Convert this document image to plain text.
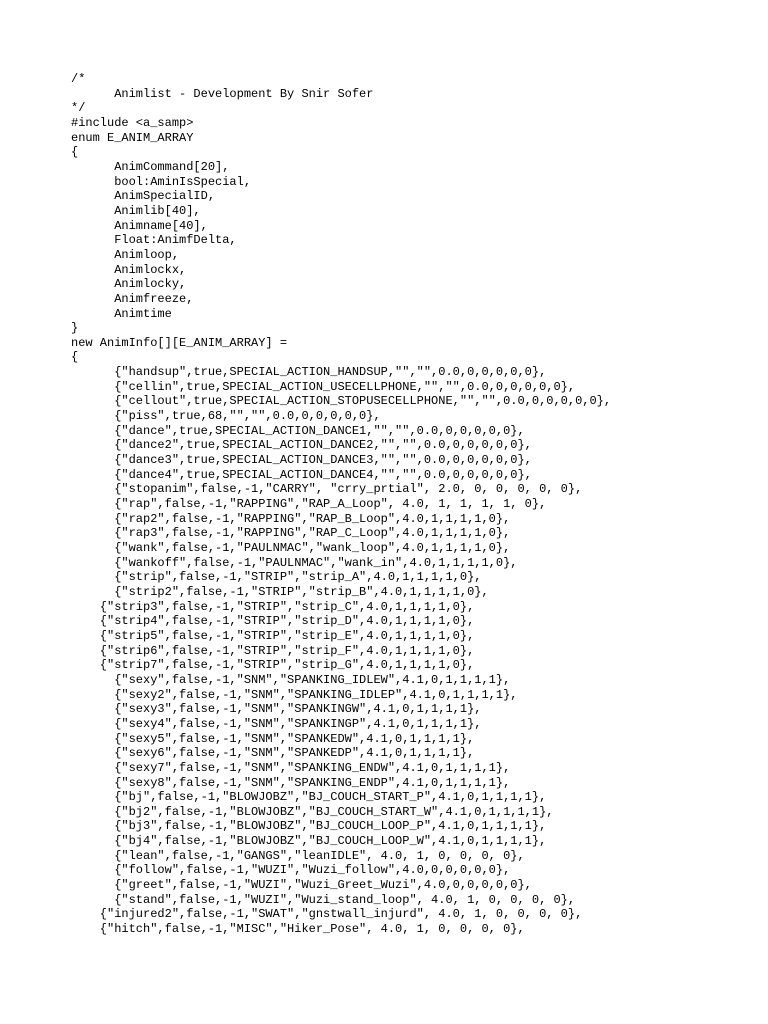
/*
Animlist - Development By Snir Sofer
*/
#include <a_samp>
enum E_ANIM_ARRAY
{
AnimCommand[20],
bool:AminIsSpecial,
AnimSpecialID,
Animlib[40],
Animname[40],
Float:AnimfDelta,
Animloop,
Animlockx,
Animlocky,
Animfreeze,
Animtime
}
new AnimInfo[][E_ANIM_ARRAY] =
{
{"handsup",true,SPECIAL_ACTION_HANDSUP,"","",0.0,0,0,0,0,0},
{"cellin",true,SPECIAL_ACTION_USECELLPHONE,"","",0.0,0,0,0,0,0},
{"cellout",true,SPECIAL_ACTION_STOPUSECELLPHONE,"","",0.0,0,0,0,0,0},
{"piss",true,68,"","",0.0,0,0,0,0,0},
{"dance",true,SPECIAL_ACTION_DANCE1,"","",0.0,0,0,0,0,0},
{"dance2",true,SPECIAL_ACTION_DANCE2,"","",0.0,0,0,0,0,0},
{"dance3",true,SPECIAL_ACTION_DANCE3,"","",0.0,0,0,0,0,0},
{"dance4",true,SPECIAL_ACTION_DANCE4,"","",0.0,0,0,0,0,0},
{"stopanim",false,-1,"CARRY", "crry_prtial", 2.0, 0, 0, 0, 0, 0},
{"rap",false,-1,"RAPPING","RAP_A_Loop", 4.0, 1, 1, 1, 1, 0},
{"rap2",false,-1,"RAPPING","RAP_B_Loop",4.0,1,1,1,1,0},
{"rap3",false,-1,"RAPPING","RAP_C_Loop",4.0,1,1,1,1,0},
{"wank",false,-1,"PAULNMAC","wank_loop",4.0,1,1,1,1,0},
{"wankoff",false,-1,"PAULNMAC","wank_in",4.0,1,1,1,1,0},
{"strip",false,-1,"STRIP","strip_A",4.0,1,1,1,1,0},
{"strip2",false,-1,"STRIP","strip_B",4.0,1,1,1,1,0},
{"strip3",false,-1,"STRIP","strip_C",4.0,1,1,1,1,0},
{"strip4",false,-1,"STRIP","strip_D",4.0,1,1,1,1,0},
{"strip5",false,-1,"STRIP","strip_E",4.0,1,1,1,1,0},
{"strip6",false,-1,"STRIP","strip_F",4.0,1,1,1,1,0},
{"strip7",false,-1,"STRIP","strip_G",4.0,1,1,1,1,0},
{"sexy",false,-1,"SNM","SPANKING_IDLEW",4.1,0,1,1,1,1},
{"sexy2",false,-1,"SNM","SPANKING_IDLEP",4.1,0,1,1,1,1},
{"sexy3",false,-1,"SNM","SPANKINGW",4.1,0,1,1,1,1},
{"sexy4",false,-1,"SNM","SPANKINGP",4.1,0,1,1,1,1},
{"sexy5",false,-1,"SNM","SPANKEDW",4.1,0,1,1,1,1},
{"sexy6",false,-1,"SNM","SPANKEDP",4.1,0,1,1,1,1},
{"sexy7",false,-1,"SNM","SPANKING_ENDW",4.1,0,1,1,1,1},
{"sexy8",false,-1,"SNM","SPANKING_ENDP",4.1,0,1,1,1,1},
{"bj",false,-1,"BLOWJOBZ","BJ_COUCH_START_P",4.1,0,1,1,1,1},
{"bj2",false,-1,"BLOWJOBZ","BJ_COUCH_START_W",4.1,0,1,1,1,1},
{"bj3",false,-1,"BLOWJOBZ","BJ_COUCH_LOOP_P",4.1,0,1,1,1,1},
{"bj4",false,-1,"BLOWJOBZ","BJ_COUCH_LOOP_W",4.1,0,1,1,1,1},
{"lean",false,-1,"GANGS","leanIDLE", 4.0, 1, 0, 0, 0, 0},
{"follow",false,-1,"WUZI","Wuzi_follow",4.0,0,0,0,0,0},
{"greet",false,-1,"WUZI","Wuzi_Greet_Wuzi",4.0,0,0,0,0,0},
{"stand",false,-1,"WUZI","Wuzi_stand_loop", 4.0, 1, 0, 0, 0, 0},
{"injured2",false,-1,"SWAT","gnstwall_injurd", 4.0, 1, 0, 0, 0, 0},
{"hitch",false,-1,"MISC","Hiker_Pose", 4.0, 1, 0, 0, 0, 0},
